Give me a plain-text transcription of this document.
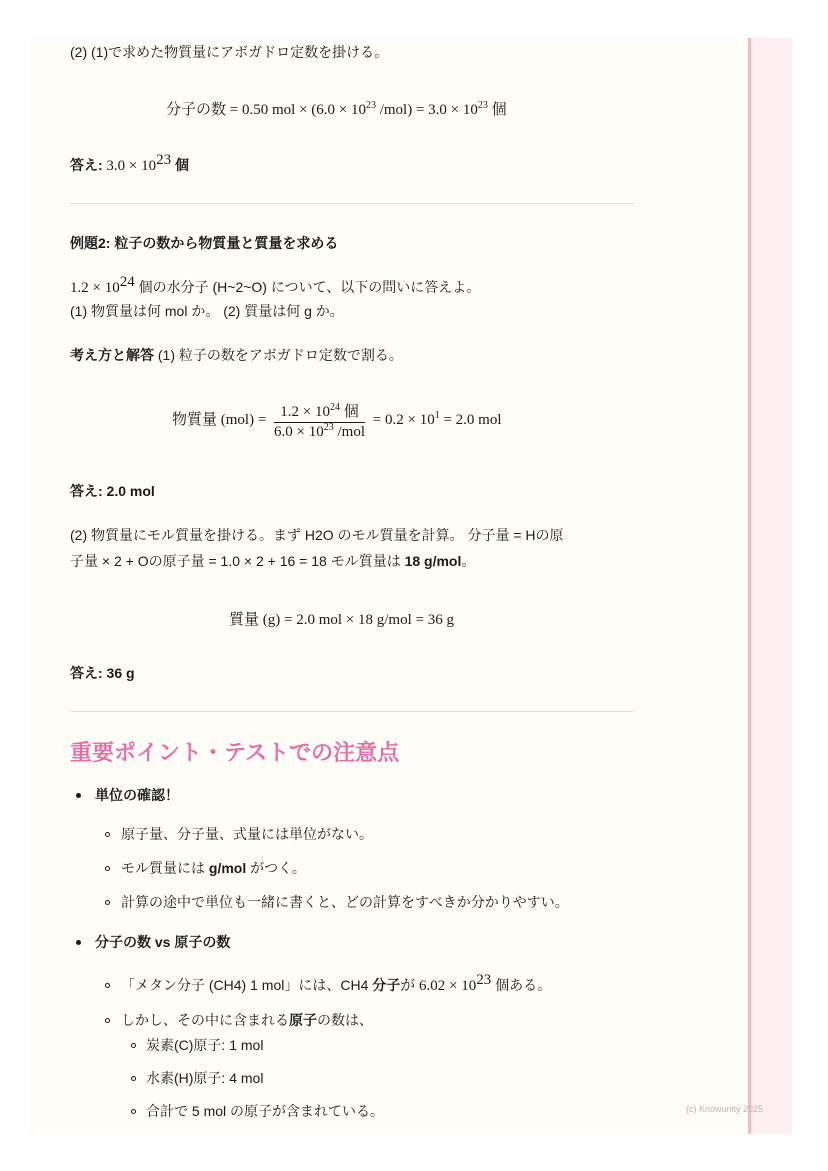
(2) (1)で求めた物質量にアボガドロ定数を掛ける。
分子の数 = 0.50 mol × ($6.0 \times 10^{23}$ $/mol) = 3.0 \times 10^{23}$ 個
答え: $3.0 \times 10^{23}$ 個
例題2: 粒子の数から物質量と質量を求める
$1.2 \times 10^{24}$ 個の水分子 (H~2~O) について、以下の問いに答えよ。
(1) 物質量は何 mol か。 (2) 質量は何 g か。
考え方と解答 (1) 粒子の数をアボガドロ定数で割る。
物質量 $(mol) = \frac{1.2 \times 10^{24} 個}{6.0 \times 10^{23} /mol} = 0.2 \times 10^1 = 2.0$ mol
答え: 2.0 mol
(2) 物質量にモル質量を掛ける。まず H2O のモル質量を計算。 分子量 = Hの原
子量 × 2 + Oの原子量 = 1.0 × 2 + 16 = 18 モル質量は 18 g/mol。
質量 (g) = 2.0 mol × 18 g/mol = 36 g
答え: 36 g
重要ポイント・テストでの注意点
単位の確認！
原子量、分子量、式量には単位がない。
モル質量には g/mol がつく。
計算の途中で単位も一緒に書くと、どの計算をすべきか分かりやすい。
分子の数 vs 原子の数
「メタン分子 (CH4) 1 mol」には、CH4 分子が $6.02 \times 10^{23}$ 個ある。
しかし、その中に含まれる原子の数は、
炭素(C)原子: 1 mol
水素(H)原子: 4 mol
合計で 5 mol の原子が含まれている。	(c) Knowunity 2025
